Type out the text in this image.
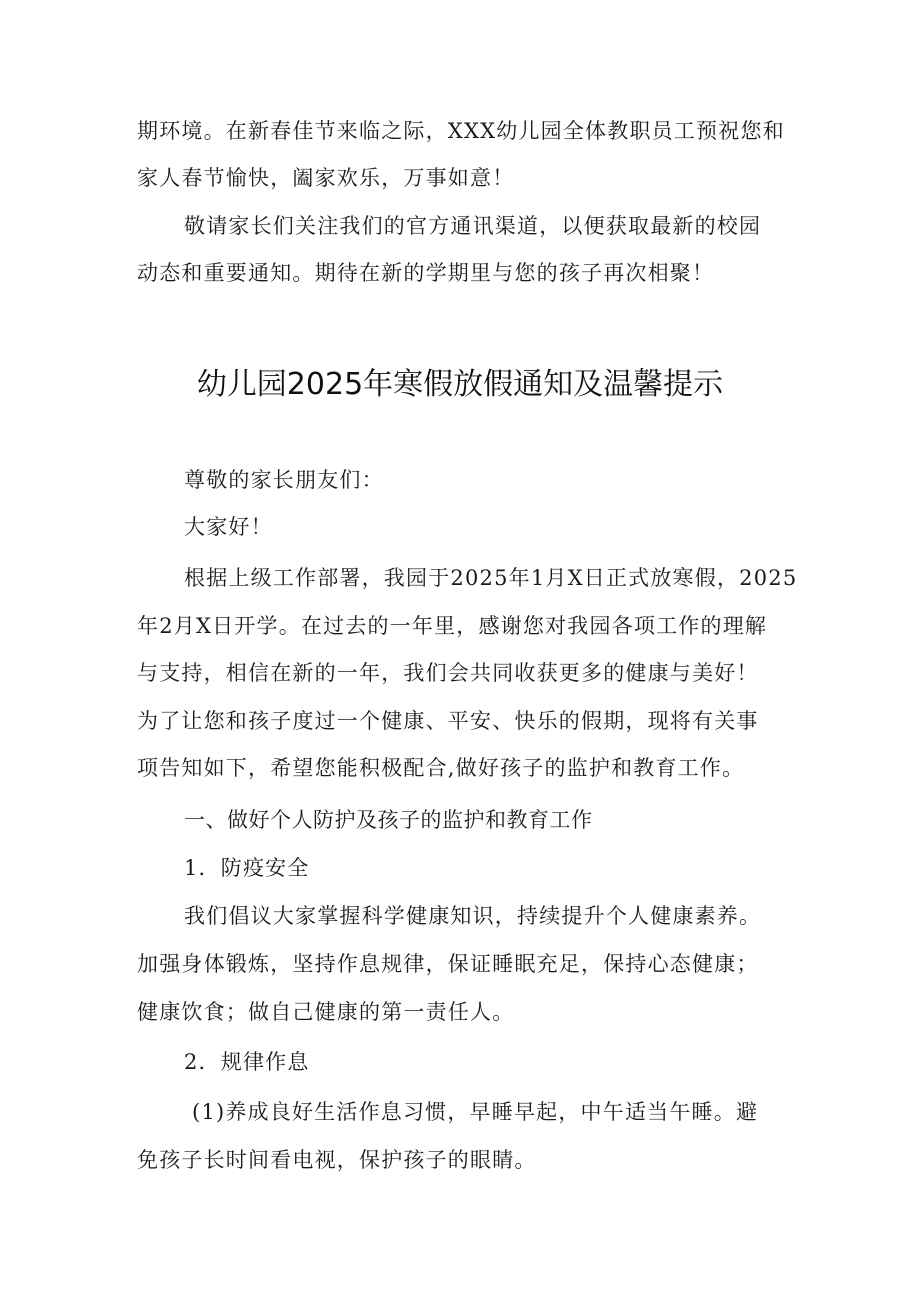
期环境。在新春佳节来临之际，XXX幼儿园全体教职员工预祝您和
家人春节愉快，阖家欢乐，万事如意！
敬请家长们关注我们的官方通讯渠道，以便获取最新的校园
动态和重要通知。期待在新的学期里与您的孩子再次相聚！
幼儿园2025年寒假放假通知及温馨提示
尊敬的家长朋友们：
大家好！
根据上级工作部署，我园于2025年1月X日正式放寒假，2025
年2月X日开学。在过去的一年里，感谢您对我园各项工作的理解
与支持，相信在新的一年，我们会共同收获更多的健康与美好！
为了让您和孩子度过一个健康、平安、快乐的假期，现将有关事
项告知如下，希望您能积极配合,做好孩子的监护和教育工作。
一、做好个人防护及孩子的监护和教育工作
1．防疫安全
我们倡议大家掌握科学健康知识，持续提升个人健康素养。
加强身体锻炼，坚持作息规律，保证睡眠充足，保持心态健康；
健康饮食；做自己健康的第一责任人。
2．规律作息
(1)养成良好生活作息习惯，早睡早起，中午适当午睡。避
免孩子长时间看电视，保护孩子的眼睛。
